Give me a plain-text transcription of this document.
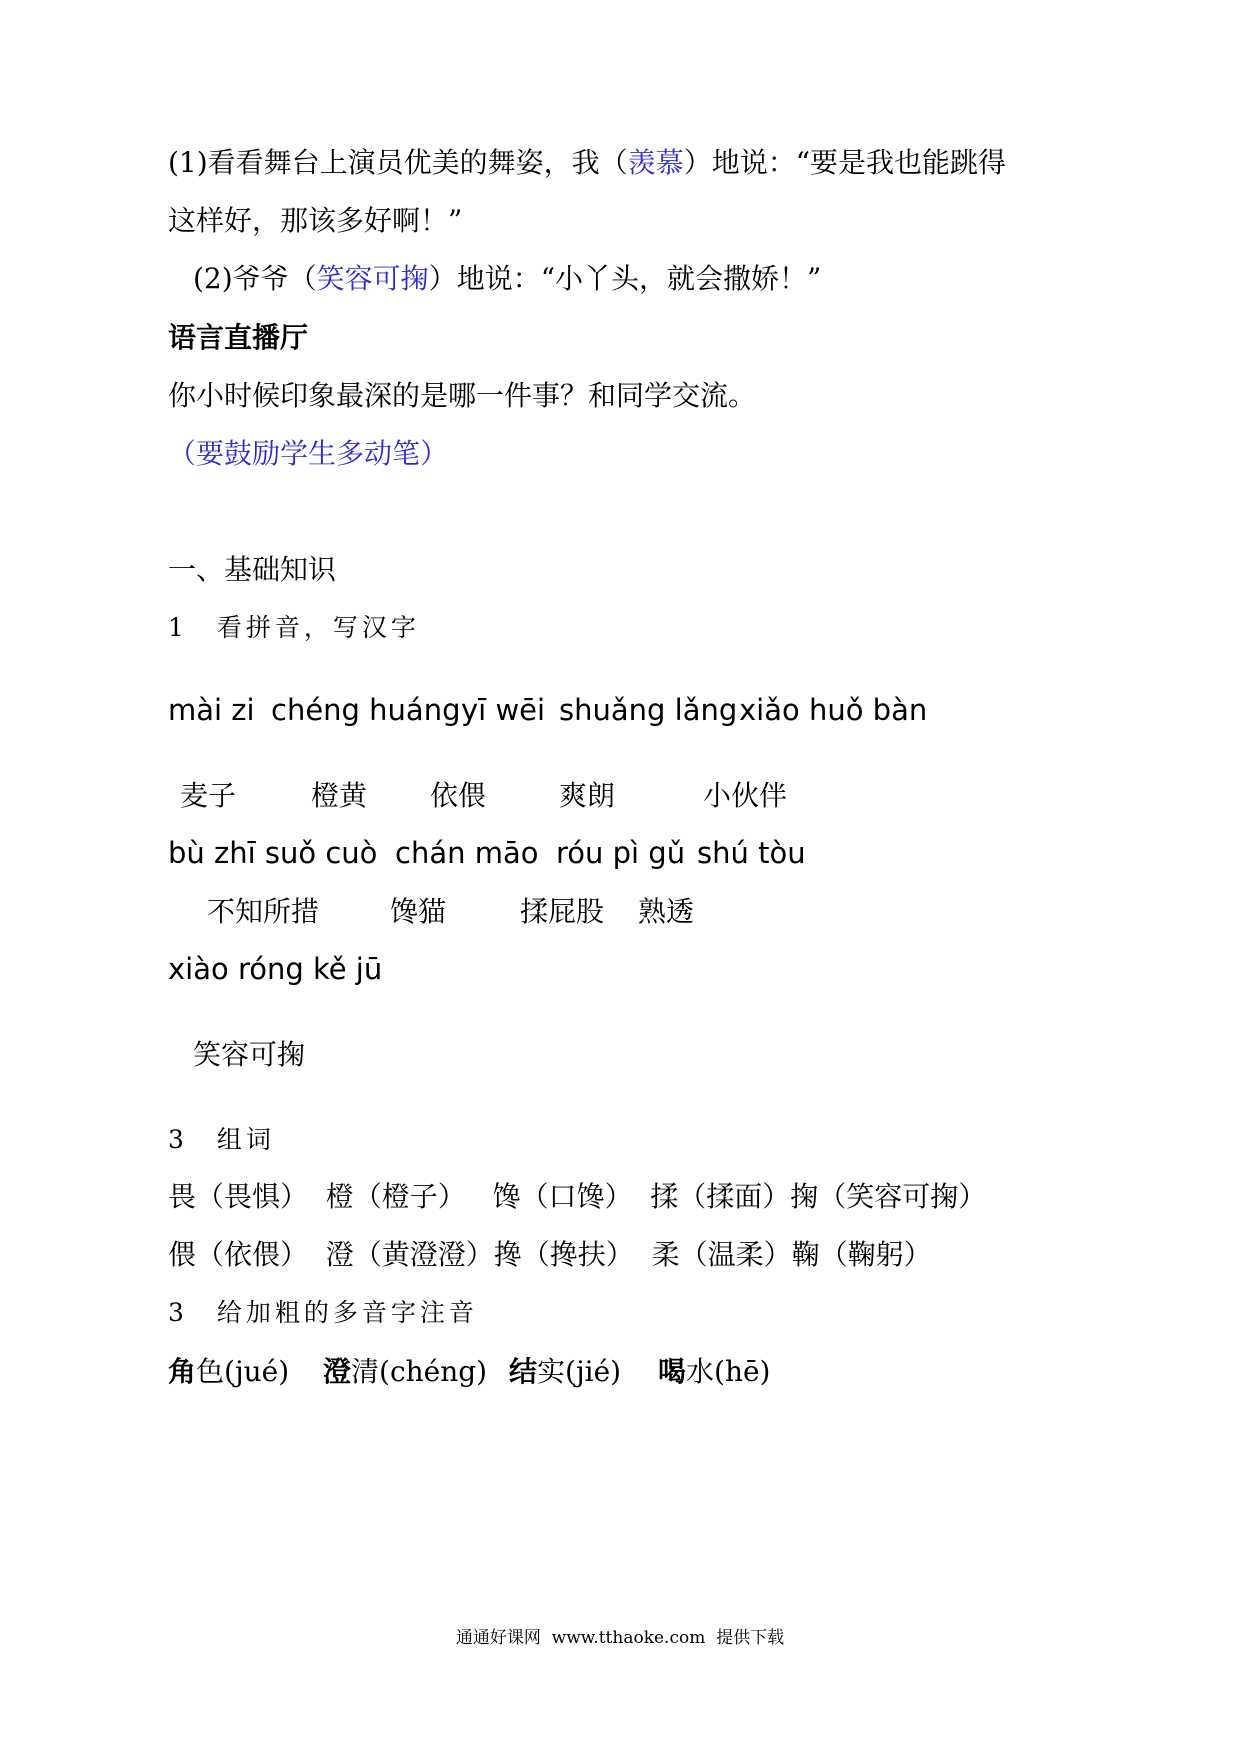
(1)看看舞台上演员优美的舞姿，我（羡慕）地说：“要是我也能跳得
这样好，那该多好啊！”
(2)爷爷（笑容可掬）地说：“小丫头，就会撒娇！”
语言直播厅
你小时候印象最深的是哪一件事？和同学交流。
（要鼓励学生多动笔）
一、基础知识
1　看拼音，写汉字
mài zi chéng huáng yī wēi shuǎng lǎng xiǎo huǒ bàn
麦子	橙黄 依偎	爽朗	小伙伴
bù zhī suǒ cuò chán māo róu pì gǔ shú tòu
不知所措	馋猫	揉屁股 熟透
xiào róng kě jū
笑容可掬
3　组词
畏（畏惧）  橙（橙子）   馋（口馋）  揉（揉面）掬（笑容可掬）
偎（依偎）  澄（黄澄澄）搀（搀扶）  柔（温柔）鞠（鞠躬）
3　给加粗的多音字注音
角色(jué) 澄清(chéng) 结实(jié) 喝水(hē)
通通好课网  www.tthaoke.com  提供下载
